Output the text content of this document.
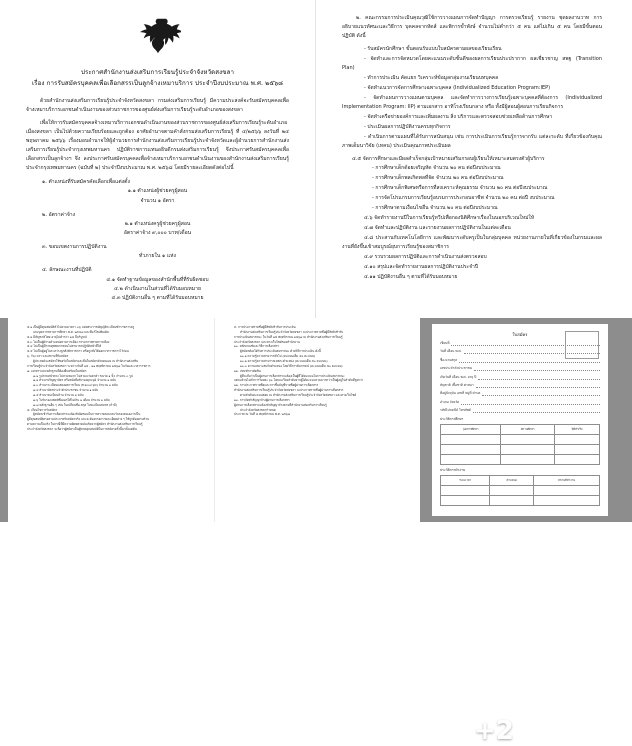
ประกาศสำนักงานส่งเสริมการเรียนรู้ประจำจังหวัดสงขลา
เรื่อง การรับสมัครบุคคลเพื่อเลือกสรรเป็นลูกจ้างเหมาบริการ ประจำปีงบประมาณ พ.ศ. ๒๕๖๘

ด้วยสำนักงานส่งเสริมการเรียนรู้ประจำจังหวัดสงขลา กรมส่งเสริมการเรียนรู้ มีความประสงค์จะรับสมัครบุคคลเพื่อจ้างเหมาบริการเอกชนดำเนินงานของส่วนราชการของศูนย์ส่งเสริมการเรียนรู้ระดับอำเภอของสงขลา

เพื่อให้การรับสมัครบุคคลจ้างเหมาบริการเอกชนดำเนินงานของส่วนราชการของศูนย์ส่งเสริมการเรียนรู้ระดับอำเภอเมืองสงขลา เป็นไปด้วยความเรียบร้อยและถูกต้อง อาศัยอำนาจตามคำสั่งกรมส่งเสริมการเรียนรู้ ที่ ๔/๒๕๖๖ ลงวันที่ ๒๔ พฤษภาคม ๒๕๖๖ เรื่องมอบอำนาจให้ผู้อำนวยการสำนักงานส่งเสริมการเรียนรู้ประจำจังหวัดและผู้อำนวยการสำนักงานส่งเสริมการเรียนรู้ประจำกรุงเทพมหานคร ปฏิบัติราชการแทนอธิบดีกรมส่งเสริมการเรียนรู้ จึงประกาศรับสมัครบุคคลเพื่อเลือกสรรเป็นลูกจ้างฯ จึง ลงประกาศรับสมัครบุคคลเพื่อจ้างเหมาบริการเอกชนดำเนินงานของสำนักงานส่งเสริมการเรียนรู้ประจำกรุงเทพมหานคร (ฉบับที่ ๒) ประจำปีงบประมาณ พ.ศ. ๒๕๖๘ โดยมีรายละเอียดดังต่อไปนี้

๑. ตำแหน่งที่รับสมัครคัดเลือกเพื่อแต่งตั้ง
๑.๑ ตำแหน่งผู้ช่วยครูผู้สอน
จำนวน ๑ อัตรา
๒. อัตราค่าจ้าง
๒.๑ ตำแหน่งครูผู้ช่วยครูผู้สอน
อัตราค่าจ้าง ๙,๐๐๐ บาท/เดือน
๓. ขอบเขตงานการปฏิบัติงาน
ทั่วภายใน ๑ แห่ง
๔. ลักษณะงานที่ปฏิบัติ
๔.๑ จัดทำฐานข้อมูลของสำนักพื้นที่ที่รับผิดชอบ
๔.๒ ดำเนินงานในส่วนที่ได้รับมอบหมาย
๔.๓ ปฏิบัติงานอื่น ๆ ตามที่ได้รับมอบหมาย

๒. คณะกรรมการประเมินคุณวุฒิใช้การวางแผนการจัดทำปัญญา การตรวจเรียนรู้ รายงาน ชุดผลงานวาท การอธิบายแนวทัศนะและวิธีการ บุคคลจากหัดส์ และพิการข้ำพังษ์ จำนวนไม่ต่ำกว่า ๕ คน แต่ไม่เกิน ๕ คน โดยมีขั้นตอนปฏิบัติ ดังนี้

- รับสมัครนักศึกษา ขั้นตอนรับแบบใบสมัครตามผลของเรียนเรียน
- จัดทำและการจัดหมวดโดยคะแนนระดับชั้นดีของผลการเรียนประปรากาก ผลเชี่ยวชาญ สพฐ (Transition Plan)
- ทำการประเมิน คัดแยก วิเคราะห์ข้อมูลกลุ่มงานเรียนบทบุคคล
- จัดทำแนวการจัดการศึกษาเฉพาะบุคคล (Individualized Education Program:IEP)
- จัดทำแผนการวางแผนตามบุคคล และจัดทำการวางการเรียนรู้เฉพาะบุคคลที่ต้องการ (Individualized Implementation Program: IIP) ตามเอกสาร อาทิโรงเรียนกลาง หรือ ทั้งมีผู้สอนผู้สอนการเรียนกิจการ
- จัดทำเครือข่ายองค์การและเพิ่มผลงาน สิ่ง บริการและตรวจสอบช่วยเหลือด้านการศึกษา
- ประเมินผลการปฏิบัติงานครบทุกกิจการ
- ดำเนินการตามแผนที่ได้รับการสนับสนุน เช่น การประเมินการเรียนรู้การจากรับ แต่ละระดับ ที่เกี่ยวข้องกับคุณภาพเด็มนาวิจัย (เทคน) ประเมินคุณภาพประเมินผล
๔.๕ จัดการศึกษาและมีผลสำเร็จกลุ่มเป้าหมายเสริมกรอบผู้เรียนให้เหมาะสมตรงตัวผู้บริการ
- การศึกษาเด็กด้อยเจริญหัด จำนวน ๒๐ คน ต่อปีงบประมาณ
- การศึกษาเด็กพลเกิดพลที่จัด จำนวน ๒๐ คน ต่อปีงบประมาณ
- การศึกษาเด็กพิเศษหรือการที่สงเคราะห์คุณธรรม จำนวน ๒๐ คน ต่อปีงบประมาณ
- การจัดโปรแกรมการเรียนรู้อบรมการประกอบอาชีพ จำนวน ๒๐ คน ต่อปี งบประมาณ
- การศึกษาตามเงื่อนไขอื่น จำนวน ๒๐ คน ต่อปีงบประมาณ
๔.๖ จัดทำรายงานปีในการเรียนรู้ทวีปเพื่อกองนิติศึกษาเรื่องในนอกบริเวณใหม่ให้
๔.๗ จัดทำและปฏิบัติงาน และรายงานผลการปฏิบัติงานในแต่ละเดือน
๔.๘ ประสานกับเทคโนโลยีการ และพัฒนาระดับครูเป็นในกลุ่มบุคคล หน่วยงานภายในที่เกี่ยวข้องในกรมและผลงานที่ยังขึ้นเข้าสมบูรณ์ยุบการเรียนรู้ของสมาชิการ
๔.๙ รวบรวมผลการปฏิบัติและการดำเนินงานส่งตรวจสอบ
๔.๑๐ สรุปและจัดทำรายงานผลการปฏิบัติงานประจำปี
๔.๑๑ ปฏิบัติงานอื่น ๆ ตามที่ได้รับมอบหมาย
๕.๑ เป็นผู้มีคุณสมบัติทั่วไปตามมาตรา ๓๖ แห่งพระราชบัญญัติระเบียบข้าราชการครู
และบุคลากรทางการศึกษา พ.ศ. ๒๕๔๗ และที่แก้ไขเพิ่มเติม
๕.๒ มีสัญชาติไทย อายุไม่ต่ำกว่า ๑๘ ปีบริบูรณ์
๕.๓ ไม่เป็นผู้ดำรงตำแหน่งทางการเมือง กรรมการพรรคการเมือง
๕.๔ ไม่เป็นผู้มีกายทุพพลภาพจนไม่สามารถปฏิบัติหน้าที่ได้
๕.๕ ไม่เป็นผู้อยู่ในระหว่างถูกสั่งพักราชการ หรือถูกสั่งให้ออกจากราชการไว้ก่อน
๖. วัน เวลา และสถานที่รับสมัคร
ผู้ประสงค์จะสมัครให้ขอรับใบสมัครและยื่นใบสมัครด้วยตนเอง ณ สำนักงานส่งเสริม
การเรียนรู้ประจำจังหวัดสงขลา ระหว่างวันที่ ๑๕ - ๒๑ พฤศจิกายน ๒๕๖๗ ในวันและเวลาราชการ
๗. เอกสารและหลักฐานที่ต้องยื่นพร้อมใบสมัคร
๗.๑ รูปถ่ายหน้าตรง ไม่สวมหมวก ไม่สวมแว่นตาดำ ขนาด ๑ นิ้ว จำนวน ๓ รูป
๗.๒ สำเนาปริญญาบัตร หรือหนังสือรับรองคุณวุฒิ จำนวน ๑ ฉบับ
๗.๓ สำเนาระเบียนแสดงผลการเรียน (Transcript) จำนวน ๑ ฉบับ
๗.๔ สำเนาบัตรประจำตัวประชาชน จำนวน ๑ ฉบับ
๗.๕ สำเนาทะเบียนบ้าน จำนวน ๑ ฉบับ
๗.๖ ใบรับรองแพทย์ซึ่งออกให้ไม่เกิน ๑ เดือน จำนวน ๑ ฉบับ
๗.๗ หลักฐานอื่น ๆ เช่น ใบเปลี่ยนชื่อ-สกุล ใบทะเบียนสมรส (ถ้ามี)
๘. เงื่อนไขการรับสมัคร
ผู้สมัครเข้ารับการเลือกสรรจะต้องรับผิดชอบในการตรวจสอบและรับรองตนเองว่าเป็น
ผู้มีคุณสมบัติตรงตามประกาศรับสมัครจริง และจะต้องกรอกรายละเอียดต่าง ๆ ให้ถูกต้องครบถ้วน
ตามความเป็นจริง ในกรณีที่มีความผิดพลาดอันเกิดจากผู้สมัคร สำนักงานส่งเสริมการเรียนรู้
ประจำจังหวัดสงขลา จะถือว่าผู้สมัครเป็นผู้ขาดคุณสมบัติในการสมัครครั้งนี้มาตั้งแต่ต้น
๙. การประกาศรายชื่อผู้มีสิทธิเข้ารับการประเมิน
สำนักงานส่งเสริมการเรียนรู้ประจำจังหวัดสงขลา จะประกาศรายชื่อผู้มีสิทธิเข้ารับ
การประเมินสมรรถนะ ในวันที่ ๒๕ พฤศจิกายน ๒๕๖๗ ณ สำนักงานส่งเสริมการเรียนรู้
ประจำจังหวัดสงขลา และทางเว็บไซต์ของสำนักงาน
๑๐. หลักเกณฑ์และวิธีการเลือกสรร
ผู้สมัครต้องได้รับการประเมินสมรรถนะ ด้วยวิธีการประเมิน ดังนี้
๑๐.๑ ความรู้ความสามารถทั่วไป (คะแนนเต็ม ๕๐ คะแนน)
๑๐.๒ ความรู้ความสามารถเฉพาะตำแหน่ง (คะแนนเต็ม ๕๐ คะแนน)
๑๐.๓ ความเหมาะสมกับตำแหน่ง โดยวิธีการสัมภาษณ์ (คะแนนเต็ม ๕๐ คะแนน)
๑๑. เกณฑ์การตัดสิน
ผู้ที่จะถือว่าเป็นผู้ผ่านการเลือกสรรจะต้องเป็นผู้ที่ได้คะแนนในการประเมินสมรรถนะ
แต่ละด้านไม่ต่ำกว่าร้อยละ ๖๐ โดยจะเรียงลำดับจากผู้ได้คะแนนรวมมากกว่าเป็นผู้อยู่ในลำดับที่สูงกว่า
๑๒. การประกาศรายชื่อและการขึ้นบัญชีรายชื่อผู้ผ่านการเลือกสรร
สำนักงานส่งเสริมการเรียนรู้ประจำจังหวัดสงขลา จะประกาศรายชื่อผู้ผ่านการเลือกสรร
ตามลำดับคะแนนสอบ ณ สำนักงานส่งเสริมการเรียนรู้ประจำจังหวัดสงขลา และทางเว็บไซต์
๑๓. การจัดทำสัญญาจ้างผู้ผ่านการเลือกสรร
ผู้ผ่านการเลือกสรรจะต้องทำสัญญาจ้างตามที่สำนักงานส่งเสริมการเรียนรู้
ประจำจังหวัดสงขลากำหนด
ประกาศ ณ วันที่ ๘ พฤศจิกายน พ.ศ. ๒๕๖๗
ใบสมัคร
เขียนที่
วันที่ เดือน พ.ศ.
ชื่อ-นามสกุล
เลขประจำตัวประชาชน
เกิดวันที่ เดือน พ.ศ. อายุ ปี
สัญชาติ เชื้อชาติ ศาสนา
ที่อยู่ปัจจุบัน เลขที่ หมู่ที่ ตำบล
อำเภอ จังหวัด
รหัสไปรษณีย์ โทรศัพท์
ประวัติการศึกษา
วุฒิการศึกษา	สถานศึกษา	ปีที่สำเร็จ

ประวัติการทำงาน
ระยะเวลา	ตำแหน่ง	สถานที่ทำงาน

+2
